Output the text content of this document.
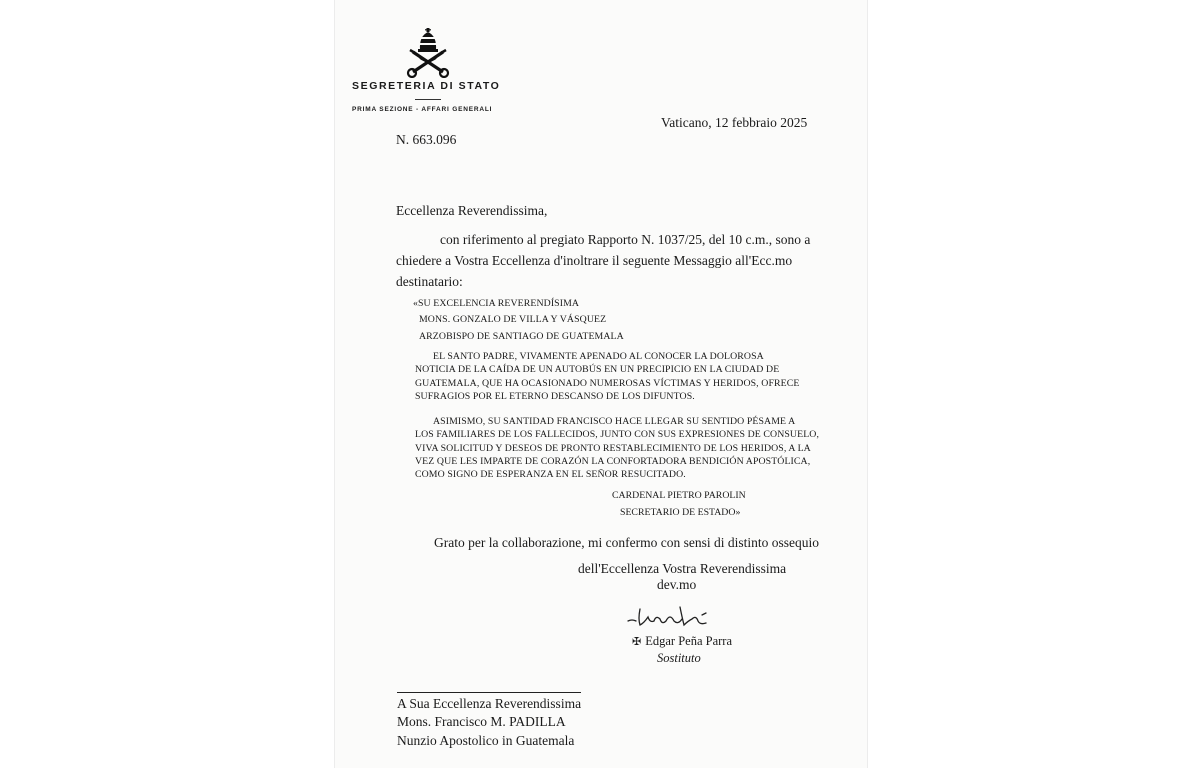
SEGRETERIA DI STATO
PRIMA SEZIONE - AFFARI GENERALI
Vaticano, 12 febbraio 2025
N. 663.096
Eccellenza Reverendissima,
con riferimento al pregiato Rapporto N. 1037/25, del 10 c.m., sono a
chiedere a Vostra Eccellenza d'inoltrare il seguente Messaggio all'Ecc.mo
destinatario:
«SU EXCELENCIA REVERENDÍSIMA
MONS. GONZALO DE VILLA Y VÁSQUEZ
ARZOBISPO DE SANTIAGO DE GUATEMALA
EL SANTO PADRE, VIVAMENTE APENADO AL CONOCER LA DOLOROSA
NOTICIA DE LA CAÍDA DE UN AUTOBÚS EN UN PRECIPICIO EN LA CIUDAD DE
GUATEMALA, QUE HA OCASIONADO NUMEROSAS VÍCTIMAS Y HERIDOS, OFRECE
SUFRAGIOS POR EL ETERNO DESCANSO DE LOS DIFUNTOS.
ASIMISMO, SU SANTIDAD FRANCISCO HACE LLEGAR SU SENTIDO PÉSAME A
LOS FAMILIARES DE LOS FALLECIDOS, JUNTO CON SUS EXPRESIONES DE CONSUELO,
VIVA SOLICITUD Y DESEOS DE PRONTO RESTABLECIMIENTO DE LOS HERIDOS, A LA
VEZ QUE LES IMPARTE DE CORAZÓN LA CONFORTADORA BENDICIÓN APOSTÓLICA,
COMO SIGNO DE ESPERANZA EN EL SEÑOR RESUCITADO.
CARDENAL PIETRO PAROLIN
SECRETARIO DE ESTADO»
Grato per la collaborazione, mi confermo con sensi di distinto ossequio
dell'Eccellenza Vostra Reverendissima
dev.mo
✠ Edgar Peña Parra
Sostituto
A Sua Eccellenza Reverendissima
Mons. Francisco M. PADILLA
Nunzio Apostolico in Guatemala
